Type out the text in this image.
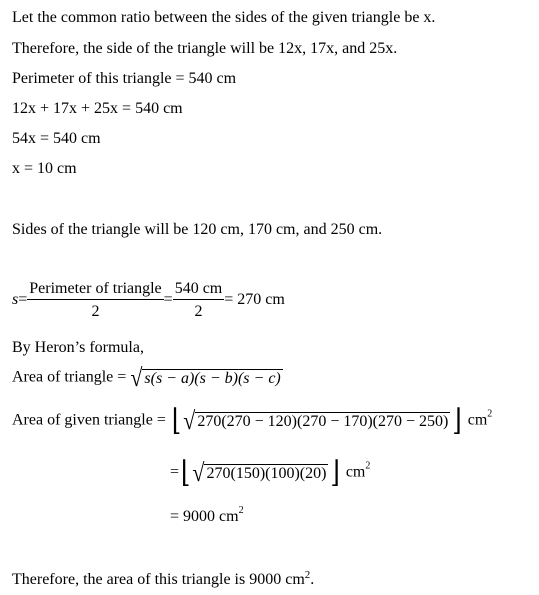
Let the common ratio between the sides of the given triangle be x.
Therefore, the side of the triangle will be 12x, 17x, and 25x.
Perimeter of this triangle = 540 cm
12x + 17x + 25x = 540 cm
54x = 540 cm
x = 10 cm
Sides of the triangle will be 120 cm, 170 cm, and 250 cm.
$s= \frac{\text{Perimeter of triangle}}{2} = \frac{540 cm}{2} = 270$ cm
By Heron’s formula,
Area of triangle = √ s(s − a)(s − b)(s − c)
Area of given triangle = ⌊√ 270(270 − 120)(270 − 170)(270 − 250) ⌋ $cm^2$
=⌊√ 270(150)(100)(20) ⌋ $cm^2$
= 9000 $cm^2$
Therefore, the area of this triangle is 9000 $cm^2$.
